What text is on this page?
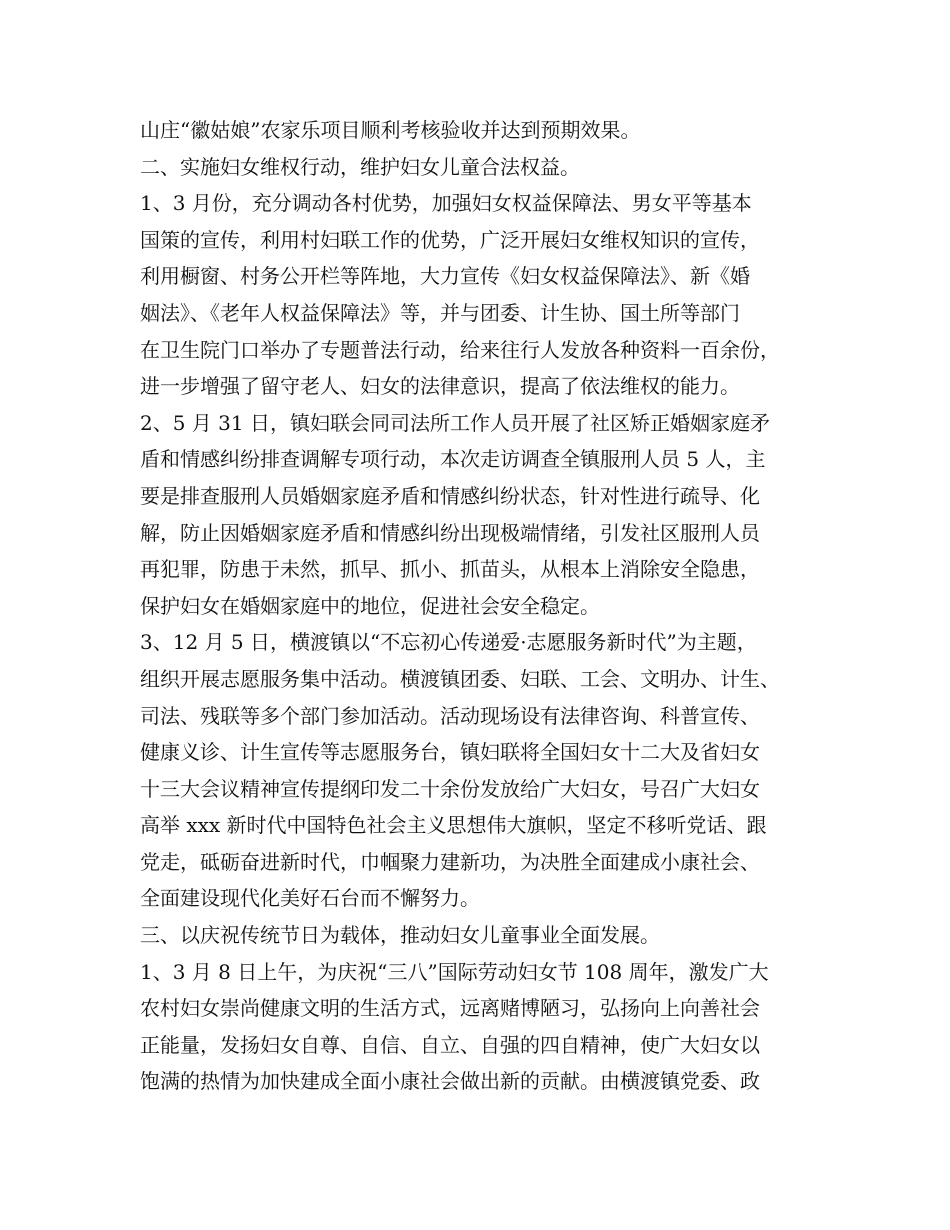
山庄“徽姑娘”农家乐项目顺利考核验收并达到预期效果。
二、实施妇女维权行动，维护妇女儿童合法权益。
1、3 月份，充分调动各村优势，加强妇女权益保障法、男女平等基本
国策的宣传，利用村妇联工作的优势，广泛开展妇女维权知识的宣传，
利用橱窗、村务公开栏等阵地，大力宣传《妇女权益保障法》、新《婚
姻法》、《老年人权益保障法》等，并与团委、计生协、国土所等部门
在卫生院门口举办了专题普法行动，给来往行人发放各种资料一百余份，
进一步增强了留守老人、妇女的法律意识，提高了依法维权的能力。
2、5 月 31 日，镇妇联会同司法所工作人员开展了社区矫正婚姻家庭矛
盾和情感纠纷排查调解专项行动，本次走访调查全镇服刑人员 5 人，主
要是排查服刑人员婚姻家庭矛盾和情感纠纷状态，针对性进行疏导、化
解，防止因婚姻家庭矛盾和情感纠纷出现极端情绪，引发社区服刑人员
再犯罪，防患于未然，抓早、抓小、抓苗头，从根本上消除安全隐患，
保护妇女在婚姻家庭中的地位，促进社会安全稳定。
3、12 月 5 日，横渡镇以“不忘初心传递爱·志愿服务新时代”为主题，
组织开展志愿服务集中活动。横渡镇团委、妇联、工会、文明办、计生、
司法、残联等多个部门参加活动。活动现场设有法律咨询、科普宣传、
健康义诊、计生宣传等志愿服务台，镇妇联将全国妇女十二大及省妇女
十三大会议精神宣传提纲印发二十余份发放给广大妇女，号召广大妇女
高举 xxx 新时代中国特色社会主义思想伟大旗帜，坚定不移听党话、跟
党走，砥砺奋进新时代，巾帼聚力建新功，为决胜全面建成小康社会、
全面建设现代化美好石台而不懈努力。
三、以庆祝传统节日为载体，推动妇女儿童事业全面发展。
1、3 月 8 日上午，为庆祝“三八”国际劳动妇女节 108 周年，激发广大
农村妇女崇尚健康文明的生活方式，远离赌博陋习，弘扬向上向善社会
正能量，发扬妇女自尊、自信、自立、自强的四自精神，使广大妇女以
饱满的热情为加快建成全面小康社会做出新的贡献。由横渡镇党委、政
